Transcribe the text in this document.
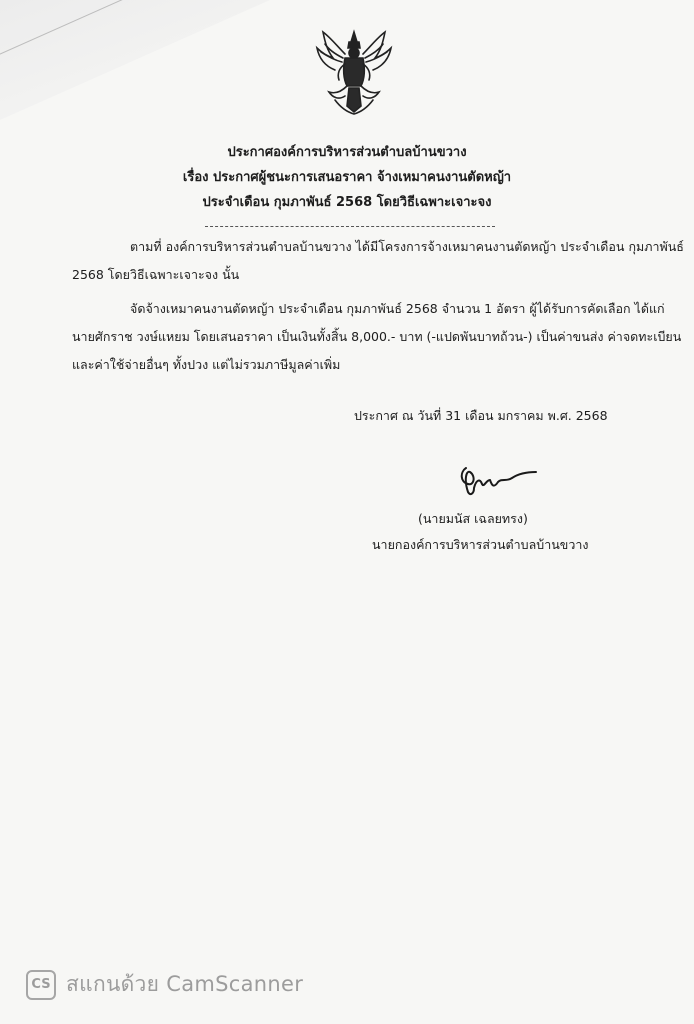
ประกาศองค์การบริหารส่วนตำบลบ้านขวาง
เรื่อง ประกาศผู้ชนะการเสนอราคา จ้างเหมาคนงานตัดหญ้า
ประจำเดือน กุมภาพันธ์ 2568 โดยวิธีเฉพาะเจาะจง
ตามที่ องค์การบริหารส่วนตำบลบ้านขวาง ได้มีโครงการจ้างเหมาคนงานตัดหญ้า ประจำเดือน กุมภาพันธ์
2568 โดยวิธีเฉพาะเจาะจง นั้น
จัดจ้างเหมาคนงานตัดหญ้า ประจำเดือน กุมภาพันธ์ 2568 จำนวน 1 อัตรา ผู้ได้รับการคัดเลือก ได้แก่
นายศักราช วงษ์แหยม โดยเสนอราคา เป็นเงินทั้งสิ้น 8,000.- บาท (-แปดพันบาทถ้วน-) เป็นค่าขนส่ง ค่าจดทะเบียน
และค่าใช้จ่ายอื่นๆ ทั้งปวง แต่ไม่รวมภาษีมูลค่าเพิ่ม
ประกาศ ณ วันที่ 31 เดือน มกราคม พ.ศ. 2568
(นายมนัส เฉลยทรง)
นายกองค์การบริหารส่วนตำบลบ้านขวาง
CS สแกนด้วย CamScanner
